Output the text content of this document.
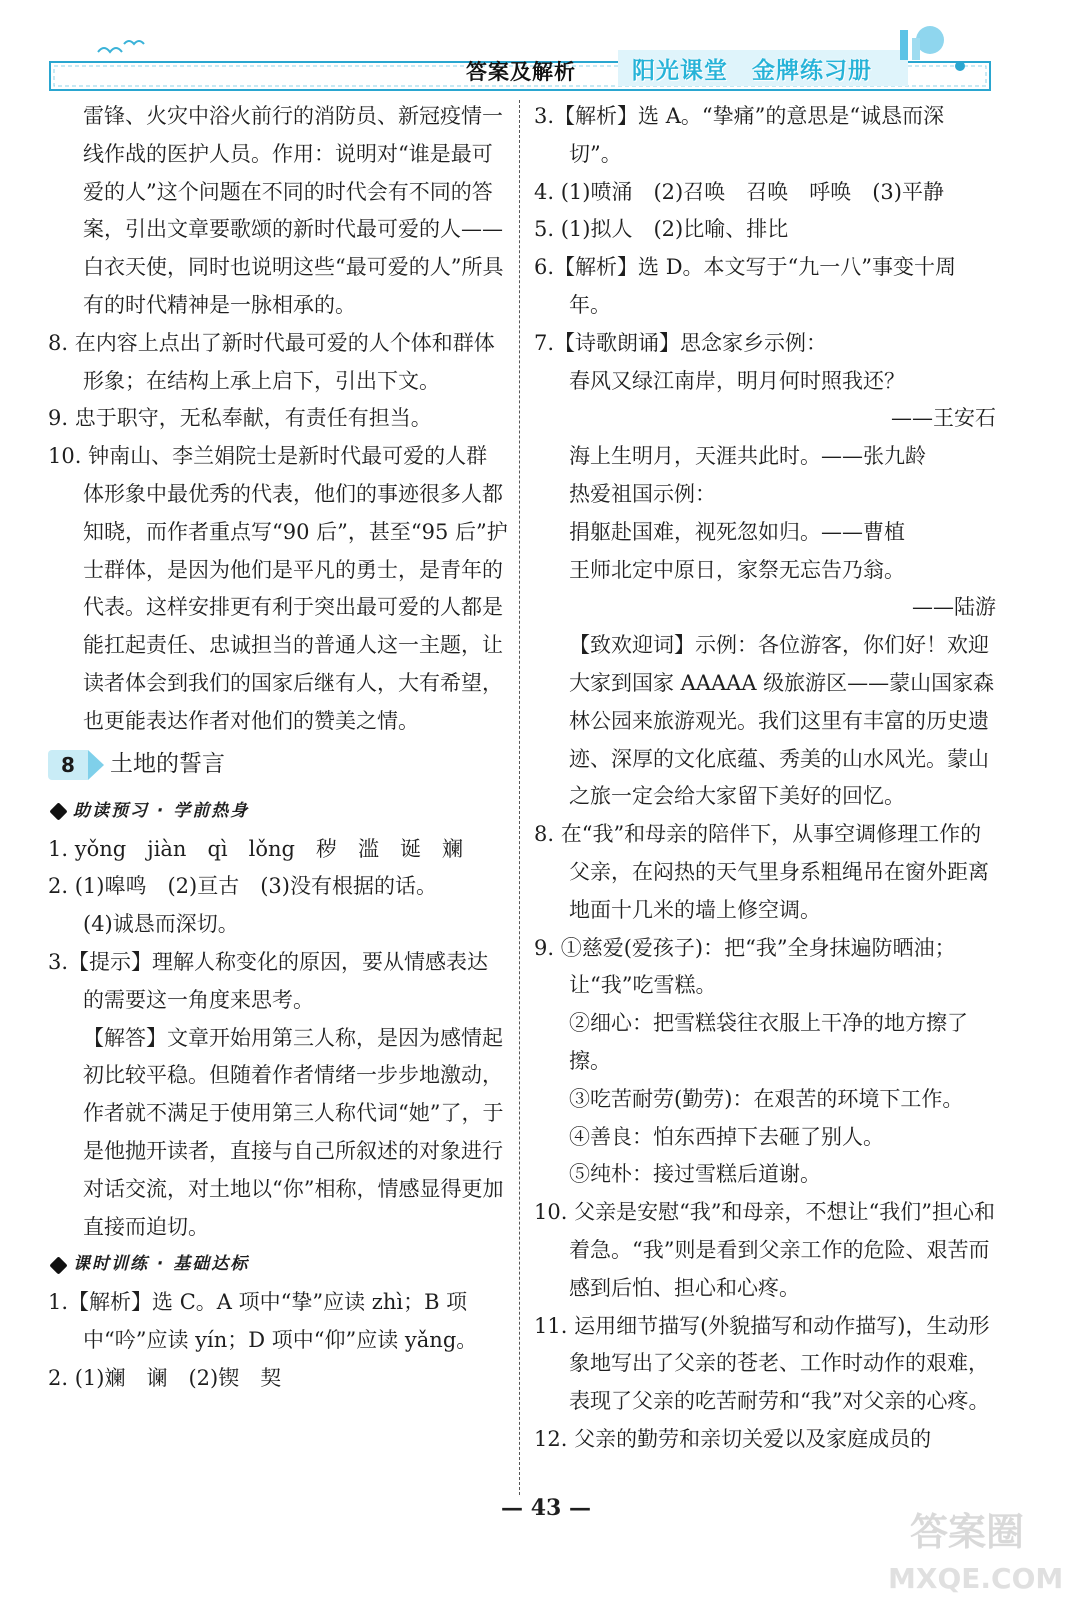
答案及解析 阳光课堂　金牌练习册

雷锋、火灾中浴火前行的消防员、新冠疫情一线作战的医护人员。作用：说明对“谁是最可爱的人”这个问题在不同的时代会有不同的答案，引出文章要歌颂的新时代最可爱的人——白衣天使，同时也说明这些“最可爱的人”所具有的时代精神是一脉相承的。

8. 在内容上点出了新时代最可爱的人个体和群体形象；在结构上承上启下，引出下文。

9. 忠于职守，无私奉献，有责任有担当。

10. 钟南山、李兰娟院士是新时代最可爱的人群体形象中最优秀的代表，他们的事迹很多人都知晓，而作者重点写“90 后”，甚至“95 后”护士群体，是因为他们是平凡的勇士，是青年的代表。这样安排更有利于突出最可爱的人都是能扛起责任、忠诚担当的普通人这一主题，让读者体会到我们的国家后继有人，大有希望，也更能表达作者对他们的赞美之情。

8	土地的誓言
助读预习 · 学前热身

1. yǒng　jiàn　qì　lǒng　秽　滥　诞　斓

2. (1)嗥鸣　(2)亘古　(3)没有根据的话。

(4)诚恳而深切。

3.【提示】理解人称变化的原因，要从情感表达的需要这一角度来思考。

【解答】文章开始用第三人称，是因为感情起初比较平稳。但随着作者情绪一步步地激动，作者就不满足于使用第三人称代词“她”了，于是他抛开读者，直接与自己所叙述的对象进行对话交流，对土地以“你”相称，情感显得更加直接而迫切。

课时训练 · 基础达标

1.【解析】选 C。A 项中“挚”应读 zhì；B 项中“吟”应读 yín；D 项中“仰”应读 yǎng。

2. (1)斓　谰　(2)锲　契

3.【解析】选 A。“挚痛”的意思是“诚恳而深切”。

4. (1)喷涌　(2)召唤　召唤　呼唤　(3)平静

5. (1)拟人　(2)比喻、排比

6.【解析】选 D。本文写于“九一八”事变十周年。

7.【诗歌朗诵】思念家乡示例：

春风又绿江南岸，明月何时照我还？

——王安石

海上生明月，天涯共此时。——张九龄

热爱祖国示例：

捐躯赴国难，视死忽如归。——曹植

王师北定中原日，家祭无忘告乃翁。

——陆游

【致欢迎词】示例：各位游客，你们好！欢迎大家到国家 AAAAA 级旅游区——蒙山国家森林公园来旅游观光。我们这里有丰富的历史遗迹、深厚的文化底蕴、秀美的山水风光。蒙山之旅一定会给大家留下美好的回忆。

8. 在“我”和母亲的陪伴下，从事空调修理工作的父亲，在闷热的天气里身系粗绳吊在窗外距离地面十几米的墙上修空调。

9. ①慈爱(爱孩子)：把“我”全身抹遍防晒油；让“我”吃雪糕。

②细心：把雪糕袋往衣服上干净的地方擦了擦。

③吃苦耐劳(勤劳)：在艰苦的环境下工作。

④善良：怕东西掉下去砸了别人。

⑤纯朴：接过雪糕后道谢。

10. 父亲是安慰“我”和母亲，不想让“我们”担心和着急。“我”则是看到父亲工作的危险、艰苦而感到后怕、担心和心疼。

11. 运用细节描写(外貌描写和动作描写)，生动形象地写出了父亲的苍老、工作时动作的艰难，表现了父亲的吃苦耐劳和“我”对父亲的心疼。

12. 父亲的勤劳和亲切关爱以及家庭成员的

— 43 —
答案圈
MXQE.COM
